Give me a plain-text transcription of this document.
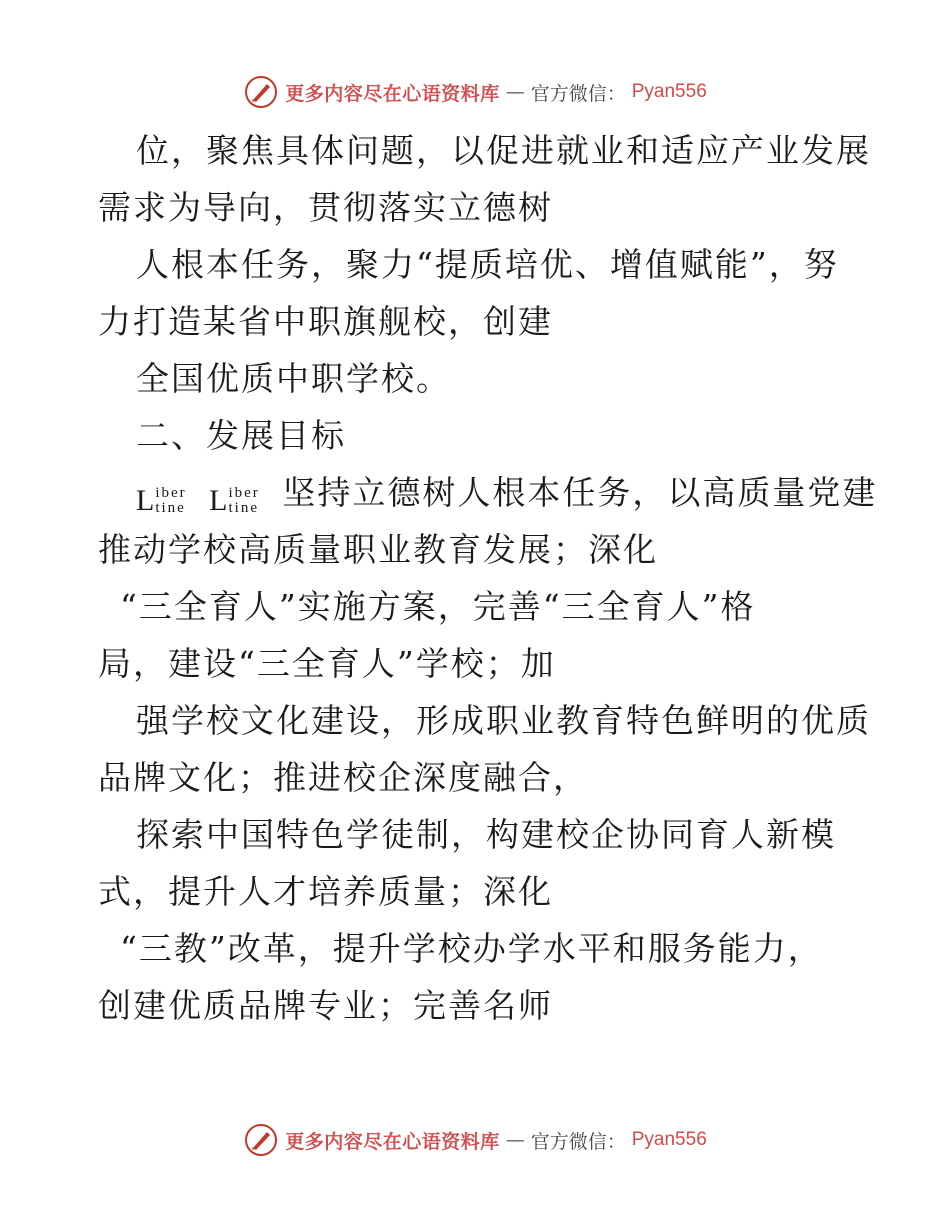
更多内容尽在心语资料库 — 官方微信： Pyan556
位，聚焦具体问题，以促进就业和适应产业发展
需求为导向，贯彻落实立德树
人根本任务，聚力“提质培优、增值赋能”，努
力打造某省中职旗舰校，创建
全国优质中职学校。
二、发展目标
L iber
tine
L iber
tine 坚持立德树人根本任务，以高质量党建
推动学校高质量职业教育发展；深化
“三全育人”实施方案，完善“三全育人”格
局，建设“三全育人”学校；加
强学校文化建设，形成职业教育特色鲜明的优质
品牌文化；推进校企深度融合，
探索中国特色学徒制，构建校企协同育人新模
式，提升人才培养质量；深化
“三教”改革，提升学校办学水平和服务能力，
创建优质品牌专业；完善名师
更多内容尽在心语资料库 — 官方微信： Pyan556
